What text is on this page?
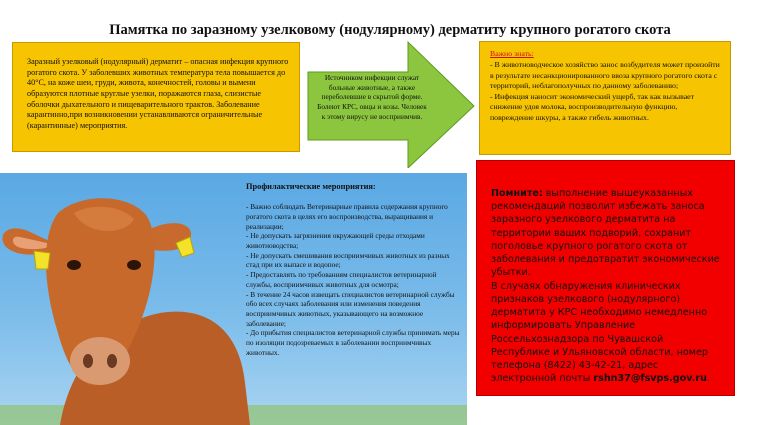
Памятка по заразному узелковому (нодулярному) дерматиту крупного рогатого скота
Заразный узелковый (нодулярный) дерматит – опасная инфекция крупного рогатого скота. У заболевших животных температура тела повышается до 40°С, на коже шеи, груди, живота, конечностей, головы и вымени образуются плотные круглые узелки, поражаются глаза, слизистые оболочки дыхательного и пищеварительного трактов. Заболевание карантинно,при возникновении устанавливаются ограничительные (карантинные) мероприятия.
Источником инфекции служат больные животные, а также переболевшие в скрытой форме. Болеют КРС, овцы и козы. Человек к этому вирусу не восприимчив.
Важно знать:
- В животноводческое хозяйство занос возбудителя может произойти в результате несанкционированного ввоза крупного рогатого скота с территорий, неблагополучных по данному заболеванию;
- Инфекция наносит экономический ущерб, так как вызывает снижение удоя молока, воспроизводительную функцию, повреждение шкуры, а также гибель животных.
Профилактические мероприятия:
- Важно соблюдать Ветеринарные правила содержания крупного рогатого скота в целях его воспроизводства, выращивания и реализации;
- Не допускать загрязнения окружающей среды отходами животноводства;
- Не допускать смешивания восприимчивых животных из разных стад при их выпасе и водопое;
- Предоставлять по требованиям специалистов ветеринарной службы, восприимчивых животных для осмотра;
- В течение 24 часов извещать специалистов ветеринарной службы обо всех случаях заболевания или изменения поведения восприимчивых животных, указывающего на возможное заболевание;
- До прибытия специалистов ветеринарной службы принимать меры по изоляции подозреваемых в заболевании восприимчивых животных.
Помните: выполнение вышеуказанных рекомендаций позволит избежать заноса заразного узелкового дерматита на территории ваших подворий, сохранит поголовье крупного рогатого скота от заболевания и предотвратит экономические убытки.
В случаях обнаружения клинических признаков узелкового (нодулярного) дерматита у КРС необходимо немедленно информировать Управление Россельхознадзора по Чувашской Республике и Ульяновской области, номер телефона (8422) 43-42-21, адрес электронной почты rshn37@fsvps.gov.ru.
